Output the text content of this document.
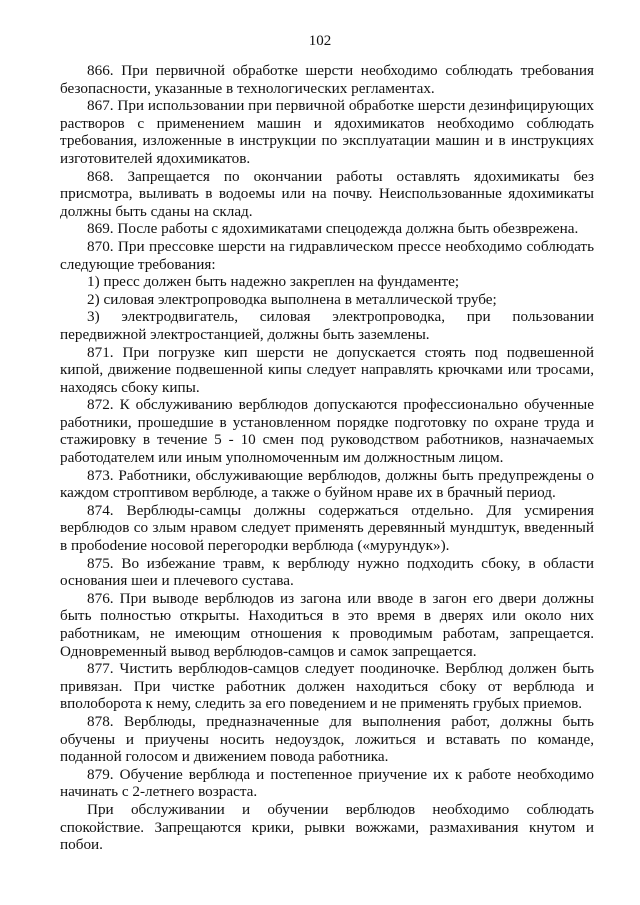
102

866. При первичной обработке шерсти необходимо соблюдать требования безопасности, указанные в технологических регламентах.

867. При использовании при первичной обработке шерсти дезинфицирующих растворов с применением машин и ядохимикатов необходимо соблюдать требования, изложенные в инструкции по эксплуатации машин и в инструкциях изготовителей ядохимикатов.

868. Запрещается по окончании работы оставлять ядохимикаты без присмотра, выливать в водоемы или на почву. Неиспользованные ядохимикаты должны быть сданы на склад.

869. После работы с ядохимикатами спецодежда должна быть обезврежена.

870. При прессовке шерсти на гидравлическом прессе необходимо соблюдать следующие требования:

1) пресс должен быть надежно закреплен на фундаменте;

2) силовая электропроводка выполнена в металлической трубе;

3) электродвигатель, силовая электропроводка, при пользовании передвижной электростанцией, должны быть заземлены.

871. При погрузке кип шерсти не допускается стоять под подвешенной кипой, движение подвешенной кипы следует направлять крючками или тросами, находясь сбоку кипы.

872. К обслуживанию верблюдов допускаются профессионально обученные работники, прошедшие в установленном порядке подготовку по охране труда и стажировку в течение 5 - 10 смен под руководством работников, назначаемых работодателем или иным уполномоченным им должностным лицом.

873. Работники, обслуживающие верблюдов, должны быть предупреждены о каждом строптивом верблюде, а также о буйном нраве их в брачный период.

874. Верблюды-самцы должны содержаться отдельно. Для усмирения верблюдов со злым нравом следует применять деревянный мундштук, введенный в пробоdение носовой перегородки верблюда («мурундук»).

875. Во избежание травм, к верблюду нужно подходить сбоку, в области основания шеи и плечевого сустава.

876. При выводе верблюдов из загона или вводе в загон его двери должны быть полностью открыты. Находиться в это время в дверях или около них работникам, не имеющим отношения к проводимым работам, запрещается. Одновременный вывод верблюдов-самцов и самок запрещается.

877. Чистить верблюдов-самцов следует поодиночке. Верблюд должен быть привязан. При чистке работник должен находиться сбоку от верблюда и вполоборота к нему, следить за его поведением и не применять грубых приемов.

878. Верблюды, предназначенные для выполнения работ, должны быть обучены и приучены носить недоуздок, ложиться и вставать по команде, поданной голосом и движением повода работника.

879. Обучение верблюда и постепенное приучение их к работе необходимо начинать с 2-летнего возраста.

При обслуживании и обучении верблюдов необходимо соблюдать спокойствие. Запрещаются крики, рывки вожжами, размахивания кнутом и побои.
